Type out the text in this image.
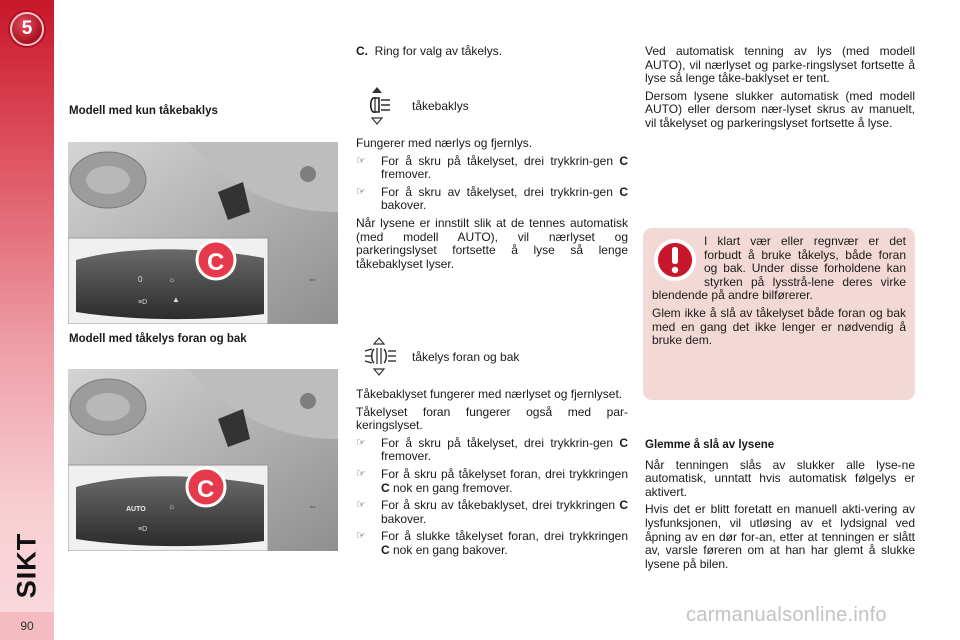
5
SIKT
90
Modell med kun tåkebaklys
0
≡D
☼
▲
C
⇔
Modell med tåkelys foran og bak
AUTO
≡D
☼
C
⇔
C. Ring for valg av tåkelys.
tåkebaklys

Fungerer med nærlys og fjernlys.

☞	For å skru på tåkelyset, drei trykkrin-gen C fremover.
☞	For å skru av tåkelyset, drei trykkrin-gen C bakover.

Når lysene er innstilt slik at de tennes automatisk (med modell AUTO), vil nærlyset og parkeringslyset fortsette å lyse så lenge tåkebaklyset lyser.

tåkelys foran og bak

Tåkebaklyset fungerer med nærlyset og fjernlyset.

Tåkelyset foran fungerer også med par-keringslyset.

☞	For å skru på tåkelyset, drei trykkrin-gen C fremover.
☞	For å skru på tåkelyset foran, drei trykkringen C nok en gang fremover.
☞	For å skru av tåkebaklyset, drei trykkringen C bakover.
☞	For å slukke tåkelyset foran, drei trykkringen C nok en gang bakover.

Ved automatisk tenning av lys (med modell AUTO), vil nærlyset og parke-ringslyset fortsette å lyse så lenge tåke-baklyset er tent.

Dersom lysene slukker automatisk (med modell AUTO) eller dersom nær-lyset skrus av manuelt, vil tåkelyset og parkeringslyset fortsette å lyse.

I klart vær eller regnvær er det forbudt å bruke tåkelys, både foran og bak. Under disse forholdene kan styrken på lysstrå-lene deres virke blendende på andre bilførerer.

Glem ikke å slå av tåkelyset både foran og bak med en gang det ikke lenger er nødvendig å bruke dem.

Glemme å slå av lysene

Når tenningen slås av slukker alle lyse-ne automatisk, unntatt hvis automatisk følgelys er aktivert.

Hvis det er blitt foretatt en manuell akti-vering av lysfunksjonen, vil utløsing av et lydsignal ved åpning av en dør for-an, etter at tenningen er slått av, varsle føreren om at han har glemt å slukke lysene på bilen.

carmanualsonline.info
